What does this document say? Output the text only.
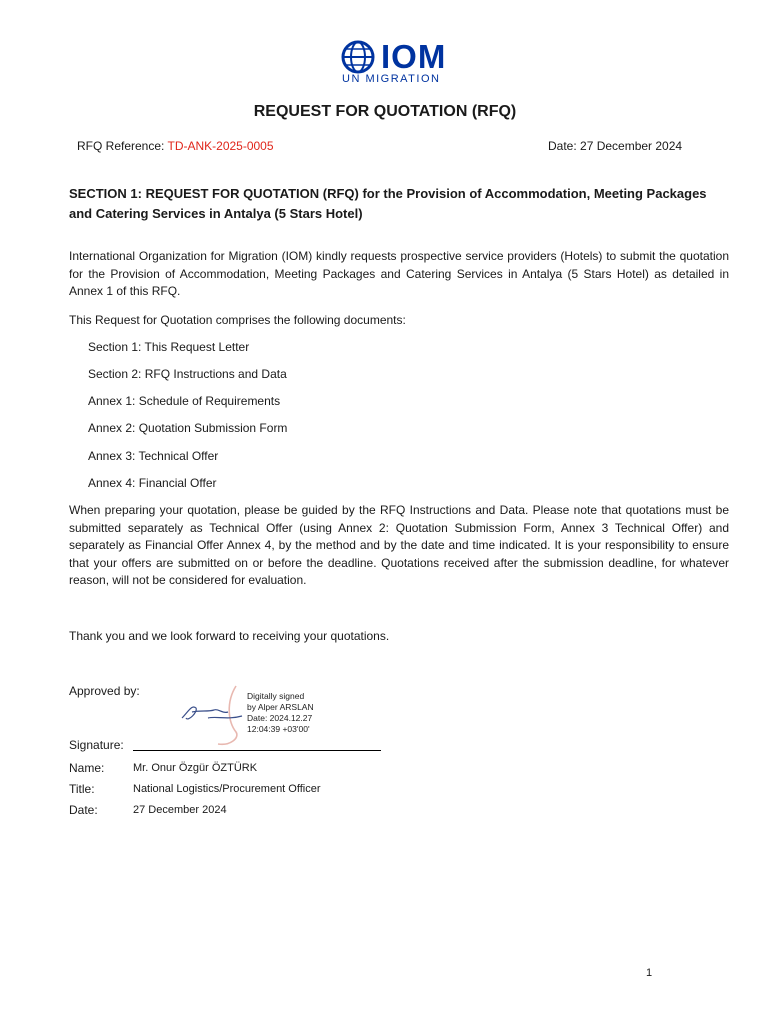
IOM
UN MIGRATION
REQUEST FOR QUOTATION (RFQ)
RFQ Reference: TD-ANK-2025-0005	Date: 27 December 2024
SECTION 1: REQUEST FOR QUOTATION (RFQ) for the Provision of Accommodation, Meeting Packages and Catering Services in Antalya (5 Stars Hotel)
International Organization for Migration (IOM) kindly requests prospective service providers (Hotels) to submit the quotation for the Provision of Accommodation, Meeting Packages and Catering Services in Antalya (5 Stars Hotel) as detailed in Annex 1 of this RFQ.
This Request for Quotation comprises the following documents:
Section 1: This Request Letter
Section 2: RFQ Instructions and Data
Annex 1: Schedule of Requirements
Annex 2: Quotation Submission Form
Annex 3: Technical Offer
Annex 4: Financial Offer
When preparing your quotation, please be guided by the RFQ Instructions and Data. Please note that quotations must be submitted separately as Technical Offer (using Annex 2: Quotation Submission Form, Annex 3 Technical Offer) and separately as Financial Offer Annex 4, by the method and by the date and time indicated. It is your responsibility to ensure that your offers are submitted on or before the deadline. Quotations received after the submission deadline, for whatever reason, will not be considered for evaluation.
Thank you and we look forward to receiving your quotations.
Approved by:	Digitally signed
by Alper ARSLAN
Date: 2024.12.27
12:04:39 +03'00'
Signature:
Name:	Mr. Onur Özgür ÖZTÜRK
Title:	National Logistics/Procurement Officer
Date:	27 December 2024
1
